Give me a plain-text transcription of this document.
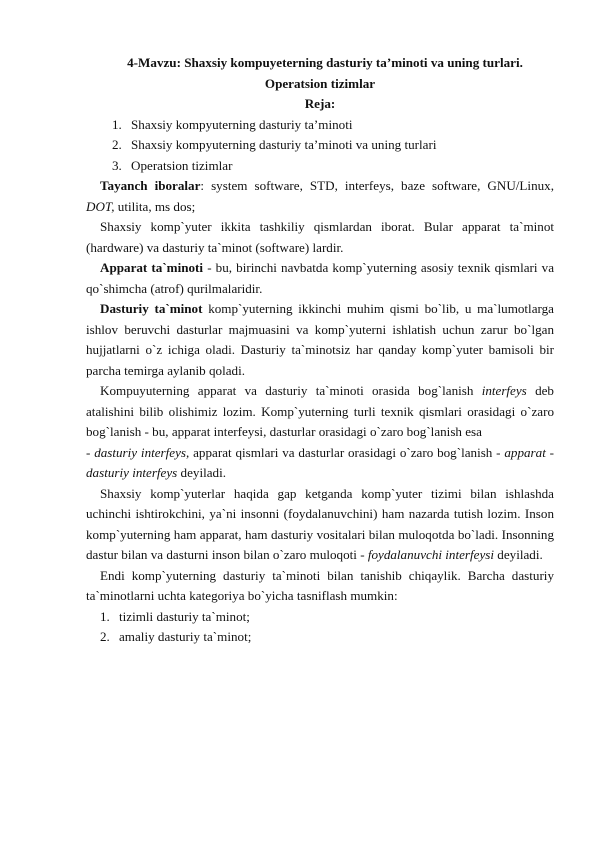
4-Mavzu: Shaxsiy kompuyeterning dasturiy ta’minoti va uning turlari.

Operatsion tizimlar

Reja:

1. Shaxsiy kompyuterning dasturiy ta’minoti
2. Shaxsiy kompyuterning dasturiy ta’minoti va uning turlari
3. Operatsion tizimlar

Tayanch iboralar: system software, STD, interfeys, baze software, GNU/Linux, DOT, utilita, ms dos;

Shaxsiy komp`yuter ikkita tashkiliy qismlardan iborat. Bular apparat ta`minot (hardware) va dasturiy ta`minot (software) lardir.

Apparat ta`minoti - bu, birinchi navbatda komp`yuterning asosiy texnik qismlari va qo`shimcha (atrof) qurilmalaridir.

Dasturiy ta`minot komp`yuterning ikkinchi muhim qismi bo`lib, u ma`lumotlarga ishlov beruvchi dasturlar majmuasini va komp`yuterni ishlatish uchun zarur bo`lgan hujjatlarni o`z ichiga oladi. Dasturiy ta`minotsiz har qanday komp`yuter bamisoli bir parcha temirga aylanib qoladi.

Kompuyuterning apparat va dasturiy ta`minoti orasida bog`lanish interfeys deb atalishini bilib olishimiz lozim. Komp`yuterning turli texnik qismlari orasidagi o`zaro bog`lanish - bu, apparat interfeysi, dasturlar orasidagi o`zaro bog`lanish esa

- dasturiy interfeys, apparat qismlari va dasturlar orasidagi o`zaro bog`lanish - apparat - dasturiy interfeys deyiladi.

Shaxsiy komp`yuterlar haqida gap ketganda komp`yuter tizimi bilan ishlashda uchinchi ishtirokchini, ya`ni insonni (foydalanuvchini) ham nazarda tutish lozim. Inson komp`yuterning ham apparat, ham dasturiy vositalari bilan muloqotda bo`ladi. Insonning dastur bilan va dasturni inson bilan o`zaro muloqoti - foydalanuvchi interfeysi deyiladi.

Endi komp`yuterning dasturiy ta`minoti bilan tanishib chiqaylik. Barcha dasturiy ta`minotlarni uchta kategoriya bo`yicha tasniflash mumkin:

1. tizimli dasturiy ta`minot;
2. amaliy dasturiy ta`minot;
